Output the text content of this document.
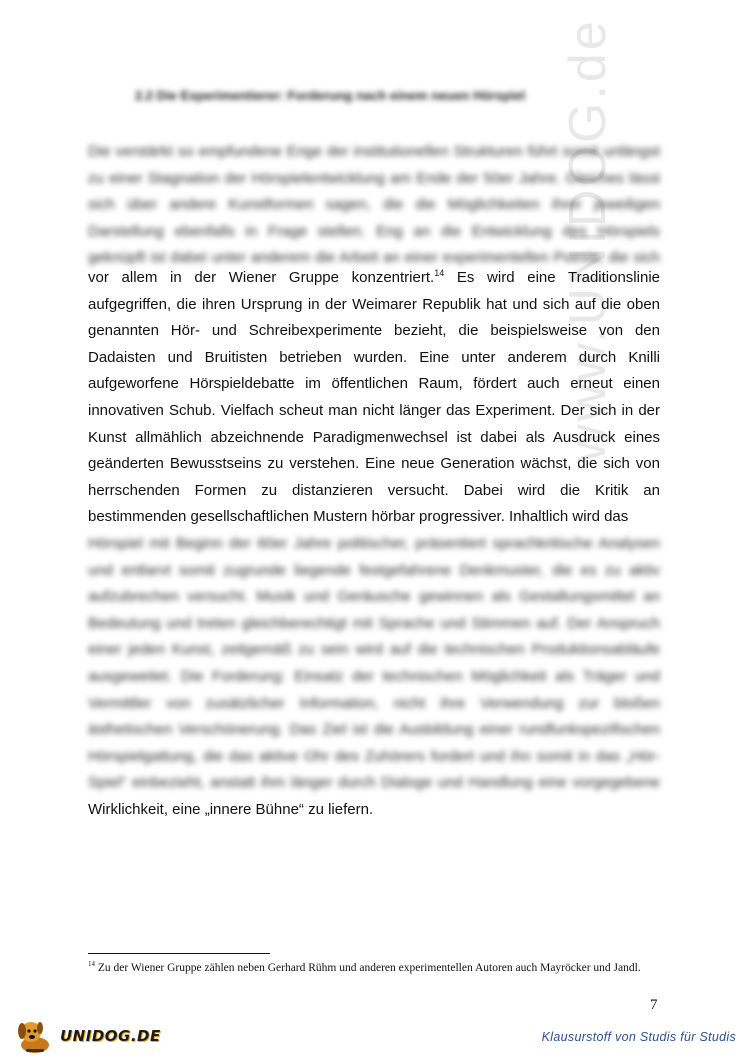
www.UNIDOG.de
2.2 Die Experimentierer: Forderung nach einem neuen Hörspiel
Die verstärkt so empfundene Enge der institutionellen Strukturen führt somit unlängst
zu einer Stagnation der Hörspielentwicklung am Ende der 50er Jahre. Gleiches lässt
sich über andere Kunstformen sagen, die die Möglichkeiten ihrer jeweiligen
Darstellung ebenfalls in Frage stellen. Eng an die Entwicklung des Hörspiels
geknüpft ist dabei unter anderem die Arbeit an einer experimentellen Poesie, die sich
vor allem in der Wiener Gruppe konzentriert.$^{14}$ Es wird eine Traditionslinie aufgegriffen, die ihren Ursprung in der Weimarer Republik hat und sich auf die oben genannten Hör- und Schreibexperimente bezieht, die beispielsweise von den Dadaisten und Bruitisten betrieben wurden. Eine unter anderem durch Knilli aufgeworfene Hörspieldebatte im öffentlichen Raum, fördert auch erneut einen innovativen Schub. Vielfach scheut man nicht länger das Experiment. Der sich in der Kunst allmählich abzeichnende Paradigmenwechsel ist dabei als Ausdruck eines geänderten Bewusstseins zu verstehen. Eine neue Generation wächst, die sich von herrschenden Formen zu distanzieren versucht. Dabei wird die Kritik an bestimmenden gesellschaftlichen Mustern hörbar progressiver. Inhaltlich wird das
Hörspiel mit Beginn der 60er Jahre politischer, präsentiert sprachkritische Analysen
und entlarvt somit zugrunde liegende festgefahrene Denkmuster, die es zu aktiv
aufzubrechen versucht. Musik und Geräusche gewinnen als Gestaltungsmittel an
Bedeutung und treten gleichberechtigt mit Sprache und Stimmen auf. Der Anspruch
einer jeden Kunst, zeitgemäß zu sein wird auf die technischen Produktionsabläufe
ausgeweitet. Die Forderung: Einsatz der technischen Möglichkeit als Träger und
Vermittler von zusätzlicher Information, nicht ihre Verwendung zur bloßen
ästhetischen Verschönerung. Das Ziel ist die Ausbildung einer rundfunkspezifischen
Hörspielgattung, die das aktive Ohr des Zuhörers fordert und ihn somit in das „Hör-
Spiel“ einbezieht, anstatt ihm länger durch Dialoge und Handlung eine vorgegebene
Wirklichkeit, eine „innere Bühne“ zu liefern.
$^{14}$ Zu der Wiener Gruppe zählen neben Gerhard Rühm und anderen experimentellen Autoren auch Mayröcker und Jandl.
7
UNIDOG.DE	Klausurstoff von Studis für Studis
